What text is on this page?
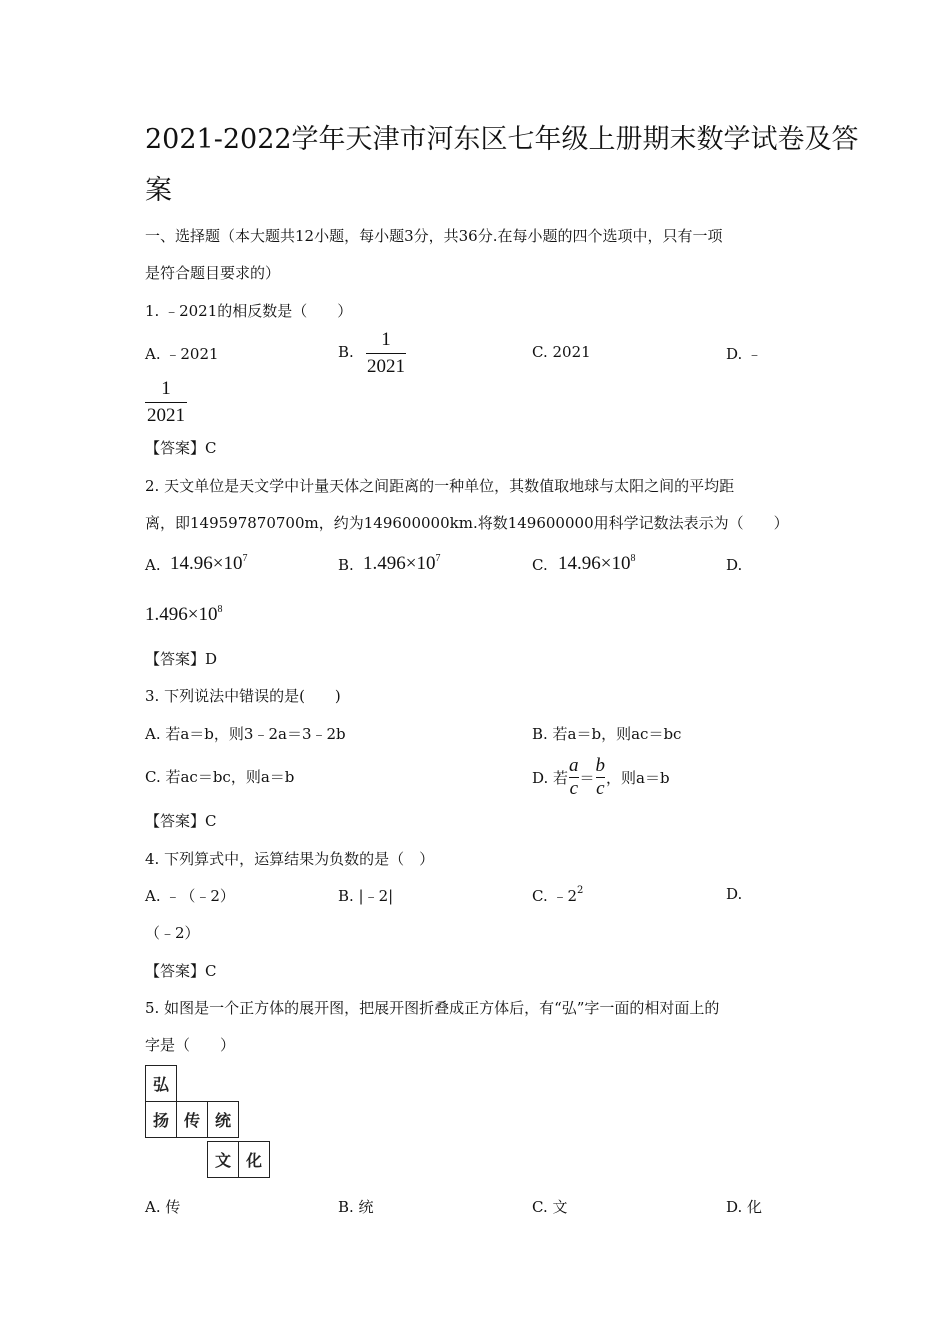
2021-2022学年天津市河东区七年级上册期末数学试卷及答
案
一、选择题（本大题共12小题，每小题3分，共36分.在每小题的四个选项中，只有一项
是符合题目要求的）
1. ﹣2021的相反数是（　　）
A. ﹣2021	B.
1
2021
C. 2021	D. ﹣
1
2021
【答案】C
2. 天文单位是天文学中计量天体之间距离的一种单位，其数值取地球与太阳之间的平均距
离，即149597870700m，约为149600000km.将数149600000用科学记数法表示为（　　）
A. $14.96\times 10^7$	B. $1.496\times 10^7$	C. $14.96\times 10^8$	D.
$1.496\times 10^8$
【答案】D
3. 下列说法中错误的是(　　)
A. 若a＝b，则3﹣2a＝3﹣2b	B. 若a＝b，则ac＝bc
C. 若ac＝bc，则a＝b	D. 若
a
c ＝
b
c ，则a＝b
【答案】C
4. 下列算式中，运算结果为负数的是（　）
A. ﹣（﹣2）	B. |﹣2|	C. $﹣2^2$	D.
（﹣2）
【答案】C
5. 如图是一个正方体的展开图，把展开图折叠成正方体后，有“弘”字一面的相对面上的
字是（　　）
弘
扬 传 统
文 化
A. 传	B. 统	C. 文	D. 化
